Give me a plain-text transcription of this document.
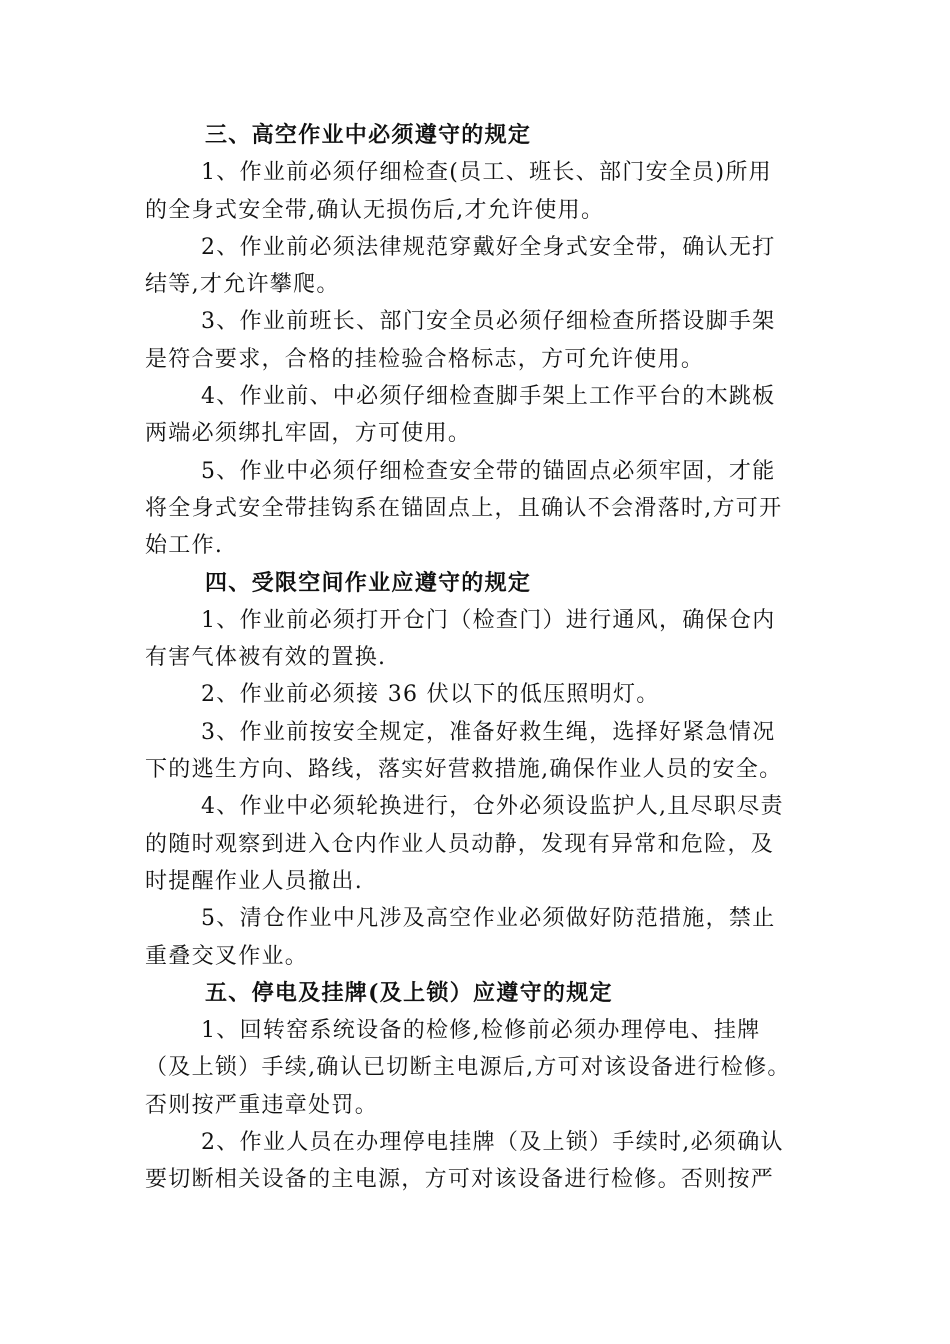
三、高空作业中必须遵守的规定
1、作业前必须仔细检查(员工、班长、部门安全员)所用
的全身式安全带,确认无损伤后,才允许使用。
2、作业前必须法律规范穿戴好全身式安全带，确认无打
结等,才允许攀爬。
3、作业前班长、部门安全员必须仔细检查所搭设脚手架
是符合要求，合格的挂检验合格标志，方可允许使用。
4、作业前、中必须仔细检查脚手架上工作平台的木跳板
两端必须绑扎牢固，方可使用。
5、作业中必须仔细检查安全带的锚固点必须牢固，才能
将全身式安全带挂钩系在锚固点上，且确认不会滑落时,方可开
始工作.
四、受限空间作业应遵守的规定
1、作业前必须打开仓门（检查门）进行通风，确保仓内
有害气体被有效的置换.
2、作业前必须接 36 伏以下的低压照明灯。
3、作业前按安全规定，准备好救生绳，选择好紧急情况
下的逃生方向、路线，落实好营救措施,确保作业人员的安全。
4、作业中必须轮换进行，仓外必须设监护人,且尽职尽责
的随时观察到进入仓内作业人员动静，发现有异常和危险，及
时提醒作业人员撤出.
5、清仓作业中凡涉及高空作业必须做好防范措施，禁止
重叠交叉作业。
五、停电及挂牌(及上锁）应遵守的规定
1、回转窑系统设备的检修,检修前必须办理停电、挂牌
（及上锁）手续,确认已切断主电源后,方可对该设备进行检修。
否则按严重违章处罚。
2、作业人员在办理停电挂牌（及上锁）手续时,必须确认
要切断相关设备的主电源，方可对该设备进行检修。否则按严
